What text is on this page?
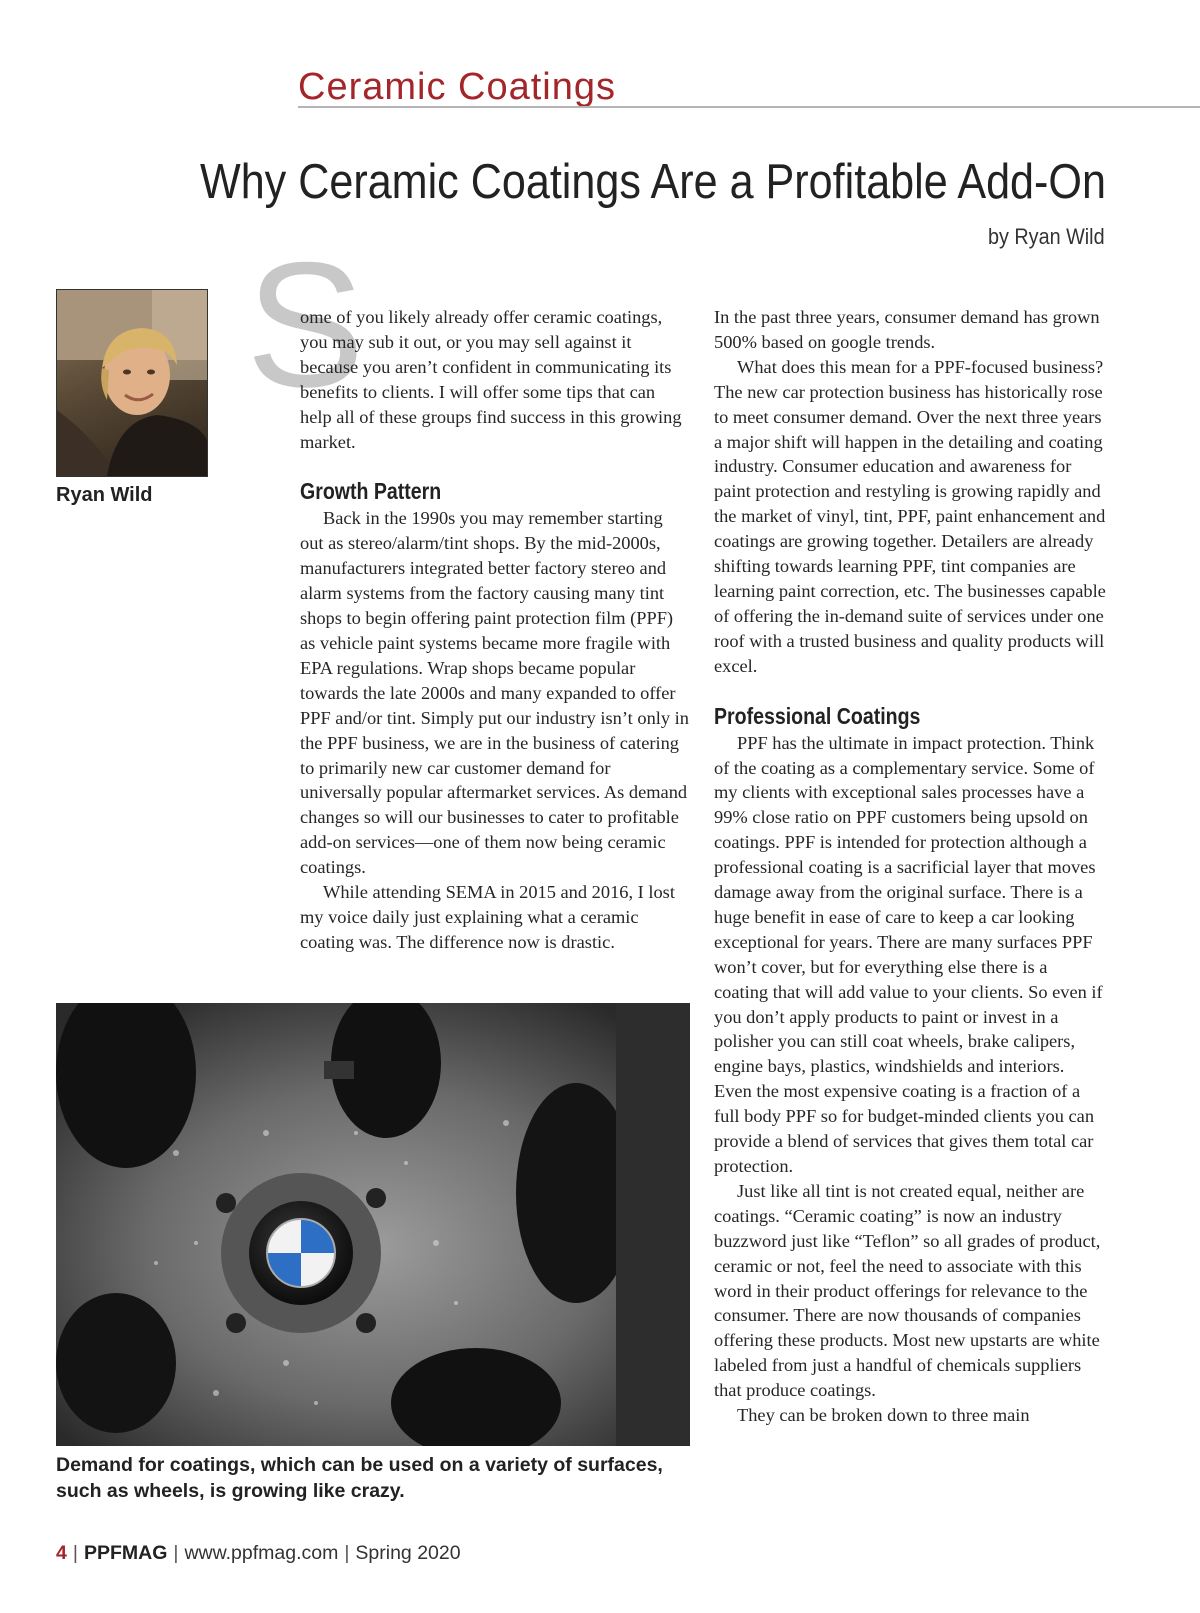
Ceramic Coatings
Why Ceramic Coatings Are a Profitable Add-On
by Ryan Wild

Ryan Wild

S

ome of you likely already offer ceramic coatings, you may sub it out, or you may sell against it because you aren’t confident in communicating its benefits to clients. I will offer some tips that can help all of these groups find success in this growing market.

Growth Pattern

Back in the 1990s you may remember starting out as stereo/alarm/tint shops. By the mid-2000s, manufacturers integrated better factory stereo and alarm systems from the factory causing many tint shops to begin offering paint protection film (PPF) as vehicle paint systems became more fragile with EPA regulations. Wrap shops became popular towards the late 2000s and many expanded to offer PPF and/or tint. Simply put our industry isn’t only in the PPF business, we are in the business of catering to primarily new car customer demand for universally popular aftermarket services. As demand changes so will our businesses to cater to profitable add-on services—one of them now being ceramic coatings.

While attending SEMA in 2015 and 2016, I lost my voice daily just explaining what a ceramic coating was. The difference now is drastic.

In the past three years, consumer demand has grown 500% based on google trends.

What does this mean for a PPF-focused business? The new car protection business has historically rose to meet consumer demand. Over the next three years a major shift will happen in the detailing and coating industry. Consumer education and awareness for paint protection and restyling is growing rapidly and the market of vinyl, tint, PPF, paint enhancement and coatings are growing together. Detailers are already shifting towards learning PPF, tint companies are learning paint correction, etc. The businesses capable of offering the in-demand suite of services under one roof with a trusted business and quality products will excel.

Professional Coatings

PPF has the ultimate in impact protection. Think of the coating as a complementary service. Some of my clients with exceptional sales processes have a 99% close ratio on PPF customers being upsold on coatings. PPF is intended for protection although a professional coating is a sacrificial layer that moves damage away from the original surface. There is a huge benefit in ease of care to keep a car looking exceptional for years. There are many surfaces PPF won’t cover, but for everything else there is a coating that will add value to your clients. So even if you don’t apply products to paint or invest in a polisher you can still coat wheels, brake calipers, engine bays, plastics, windshields and interiors. Even the most expensive coating is a fraction of a full body PPF so for budget-minded clients you can provide a blend of services that gives them total car protection.

Just like all tint is not created equal, neither are coatings. “Ceramic coating” is now an industry buzzword just like “Teflon” so all grades of product, ceramic or not, feel the need to associate with this word in their product offerings for relevance to the consumer. There are now thousands of companies offering these products. Most new upstarts are white labeled from just a handful of chemicals suppliers that produce coatings.

They can be broken down to three main

Demand for coatings, which can be used on a variety of surfaces, such as wheels, is growing like crazy.

4 | PPFMAG | www.ppfmag.com | Spring 2020
